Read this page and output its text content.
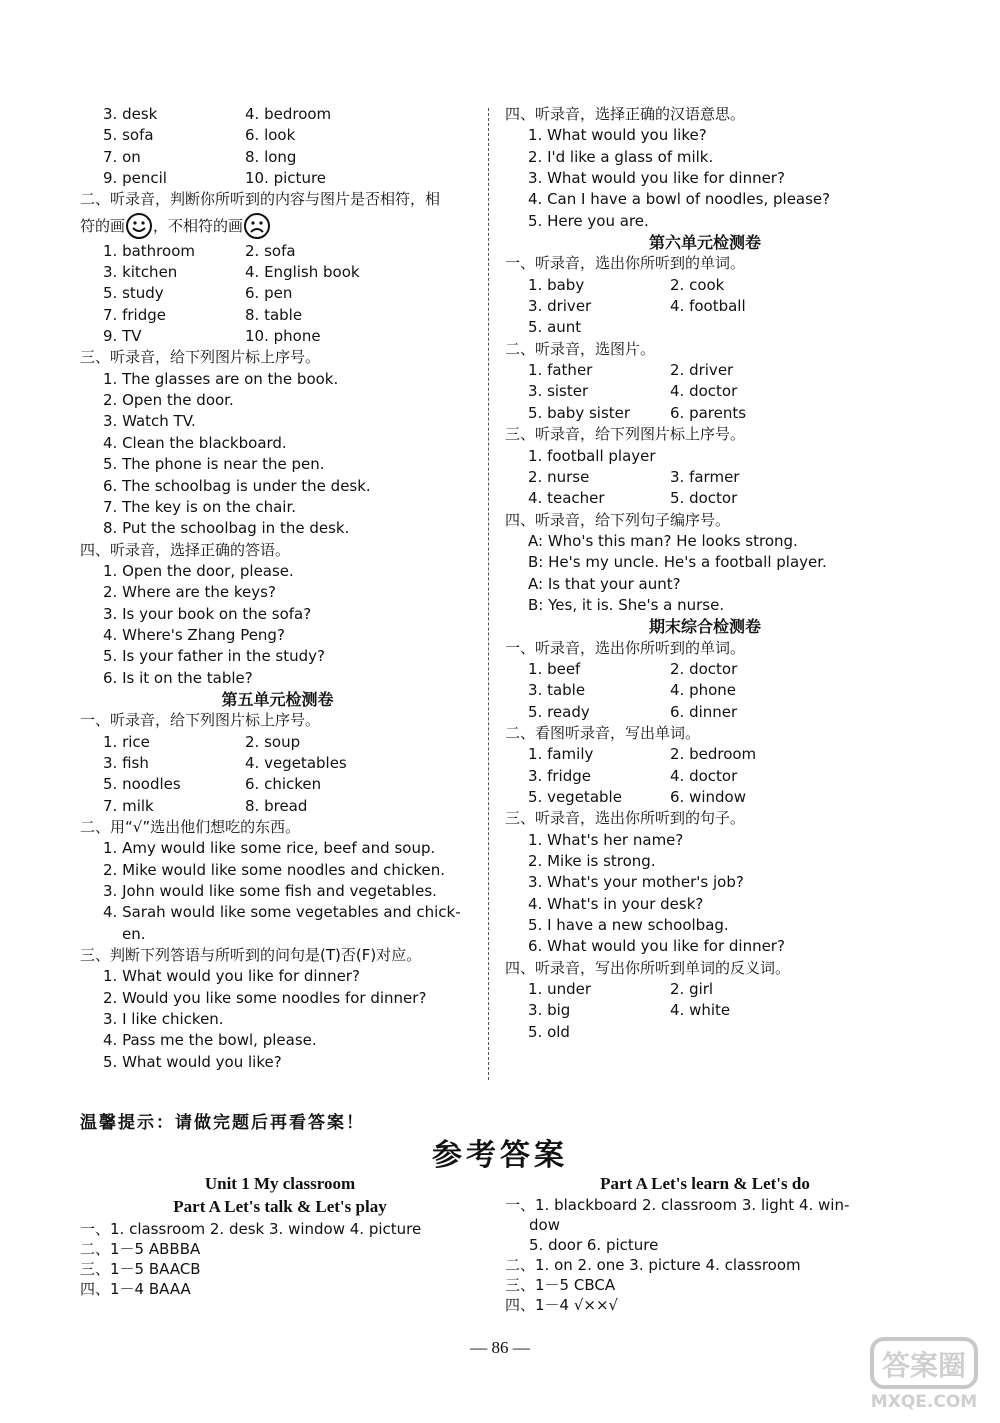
3. desk	4. bedroom
5. sofa	6. look
7. on	8. long
9. pencil	10. picture
二、听录音，判断你所听到的内容与图片是否相符，相
符的画 ，不相符的画
1. bathroom	2. sofa
3. kitchen	4. English book
5. study	6. pen
7. fridge	8. table
9. TV	10. phone
三、听录音，给下列图片标上序号。
1. The glasses are on the book.
2. Open the door.
3. Watch TV.
4. Clean the blackboard.
5. The phone is near the pen.
6. The schoolbag is under the desk.
7. The key is on the chair.
8. Put the schoolbag in the desk.
四、听录音，选择正确的答语。
1. Open the door, please.
2. Where are the keys?
3. Is your book on the sofa?
4. Where's Zhang Peng?
5. Is your father in the study?
6. Is it on the table?
第五单元检测卷
一、听录音，给下列图片标上序号。
1. rice	2. soup
3. fish	4. vegetables
5. noodles	6. chicken
7. milk	8. bread
二、用“√”选出他们想吃的东西。
1. Amy would like some rice, beef and soup.
2. Mike would like some noodles and chicken.
3. John would like some fish and vegetables.
4. Sarah would like some vegetables and chick-
en.
三、判断下列答语与所听到的问句是(T)否(F)对应。
1. What would you like for dinner?
2. Would you like some noodles for dinner?
3. I like chicken.
4. Pass me the bowl, please.
5. What would you like?
四、听录音，选择正确的汉语意思。
1. What would you like?
2. I'd like a glass of milk.
3. What would you like for dinner?
4. Can I have a bowl of noodles, please?
5. Here you are.
第六单元检测卷
一、听录音，选出你所听到的单词。
1. baby	2. cook
3. driver	4. football
5. aunt
二、听录音，选图片。
1. father	2. driver
3. sister	4. doctor
5. baby sister	6. parents
三、听录音，给下列图片标上序号。
1. football player
2. nurse	3. farmer
4. teacher	5. doctor
四、听录音，给下列句子编序号。
A: Who's this man? He looks strong.
B: He's my uncle. He's a football player.
A: Is that your aunt?
B: Yes, it is. She's a nurse.
期末综合检测卷
一、听录音，选出你所听到的单词。
1. beef	2. doctor
3. table	4. phone
5. ready	6. dinner
二、看图听录音，写出单词。
1. family	2. bedroom
3. fridge	4. doctor
5. vegetable	6. window
三、听录音，选出你所听到的句子。
1. What's her name?
2. Mike is strong.
3. What's your mother's job?
4. What's in your desk?
5. I have a new schoolbag.
6. What would you like for dinner?
四、听录音，写出你所听到单词的反义词。
1. under	2. girl
3. big	4. white
5. old
温馨提示：请做完题后再看答案！
参考答案
Unit 1 My classroom
Part A Let's talk & Let's play
一、1. classroom 2. desk 3. window 4. picture
二、1－5 ABBBA
三、1－5 BAACB
四、1－4 BAAA
Part A Let's learn & Let's do
一、1. blackboard 2. classroom 3. light 4. win-
dow
5. door 6. picture
二、1. on 2. one 3. picture 4. classroom
三、1－5 CBCA
四、1－4 √××√
— 86 —
答案圈
MXQE.COM
